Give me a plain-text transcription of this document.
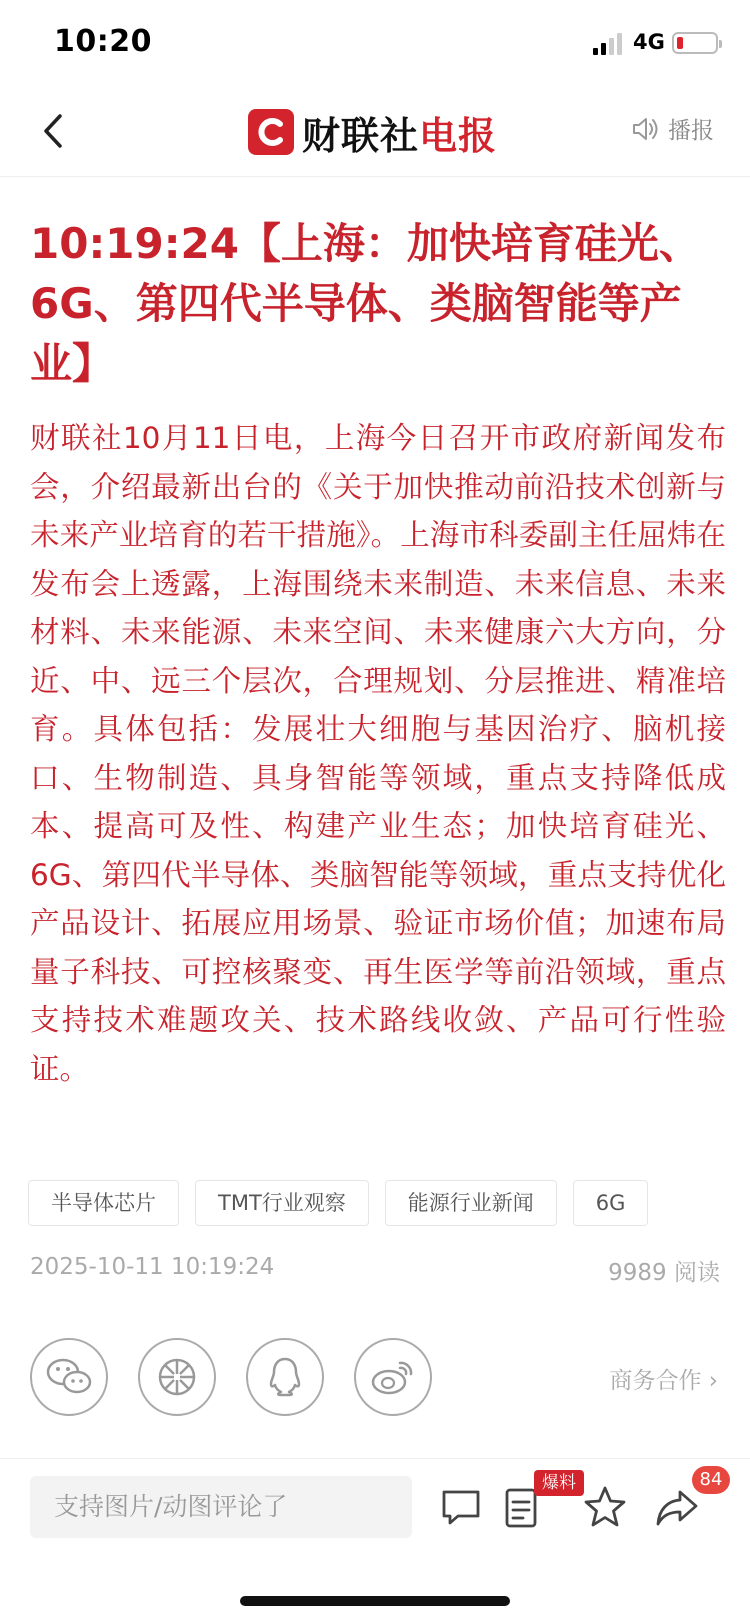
10:20	4G
财联社 电报	播报
10:19:24【上海：加快培育硅光、6G、第四代半导体、类脑智能等产业】

财联社10月11日电，上海今日召开市政府新闻发布会，介绍最新出台的《关于加快推动前沿技术创新与未来产业培育的若干措施》。上海市科委副主任屈炜在发布会上透露，上海围绕未来制造、未来信息、未来材料、未来能源、未来空间、未来健康六大方向，分近、中、远三个层次，合理规划、分层推进、精准培育。具体包括：发展壮大细胞与基因治疗、脑机接口、生物制造、具身智能等领域，重点支持降低成本、提高可及性、构建产业生态；加快培育硅光、6G、第四代半导体、类脑智能等领域，重点支持优化产品设计、拓展应用场景、验证市场价值；加速布局量子科技、可控核聚变、再生医学等前沿领域，重点支持技术难题攻关、技术路线收敛、产品可行性验证。

半导体芯片	TMT行业观察	能源行业新闻	6G
2025-10-11 10:19:24	9989 阅读
商务合作 ›
支持图片/动图评论了
爆料	84
